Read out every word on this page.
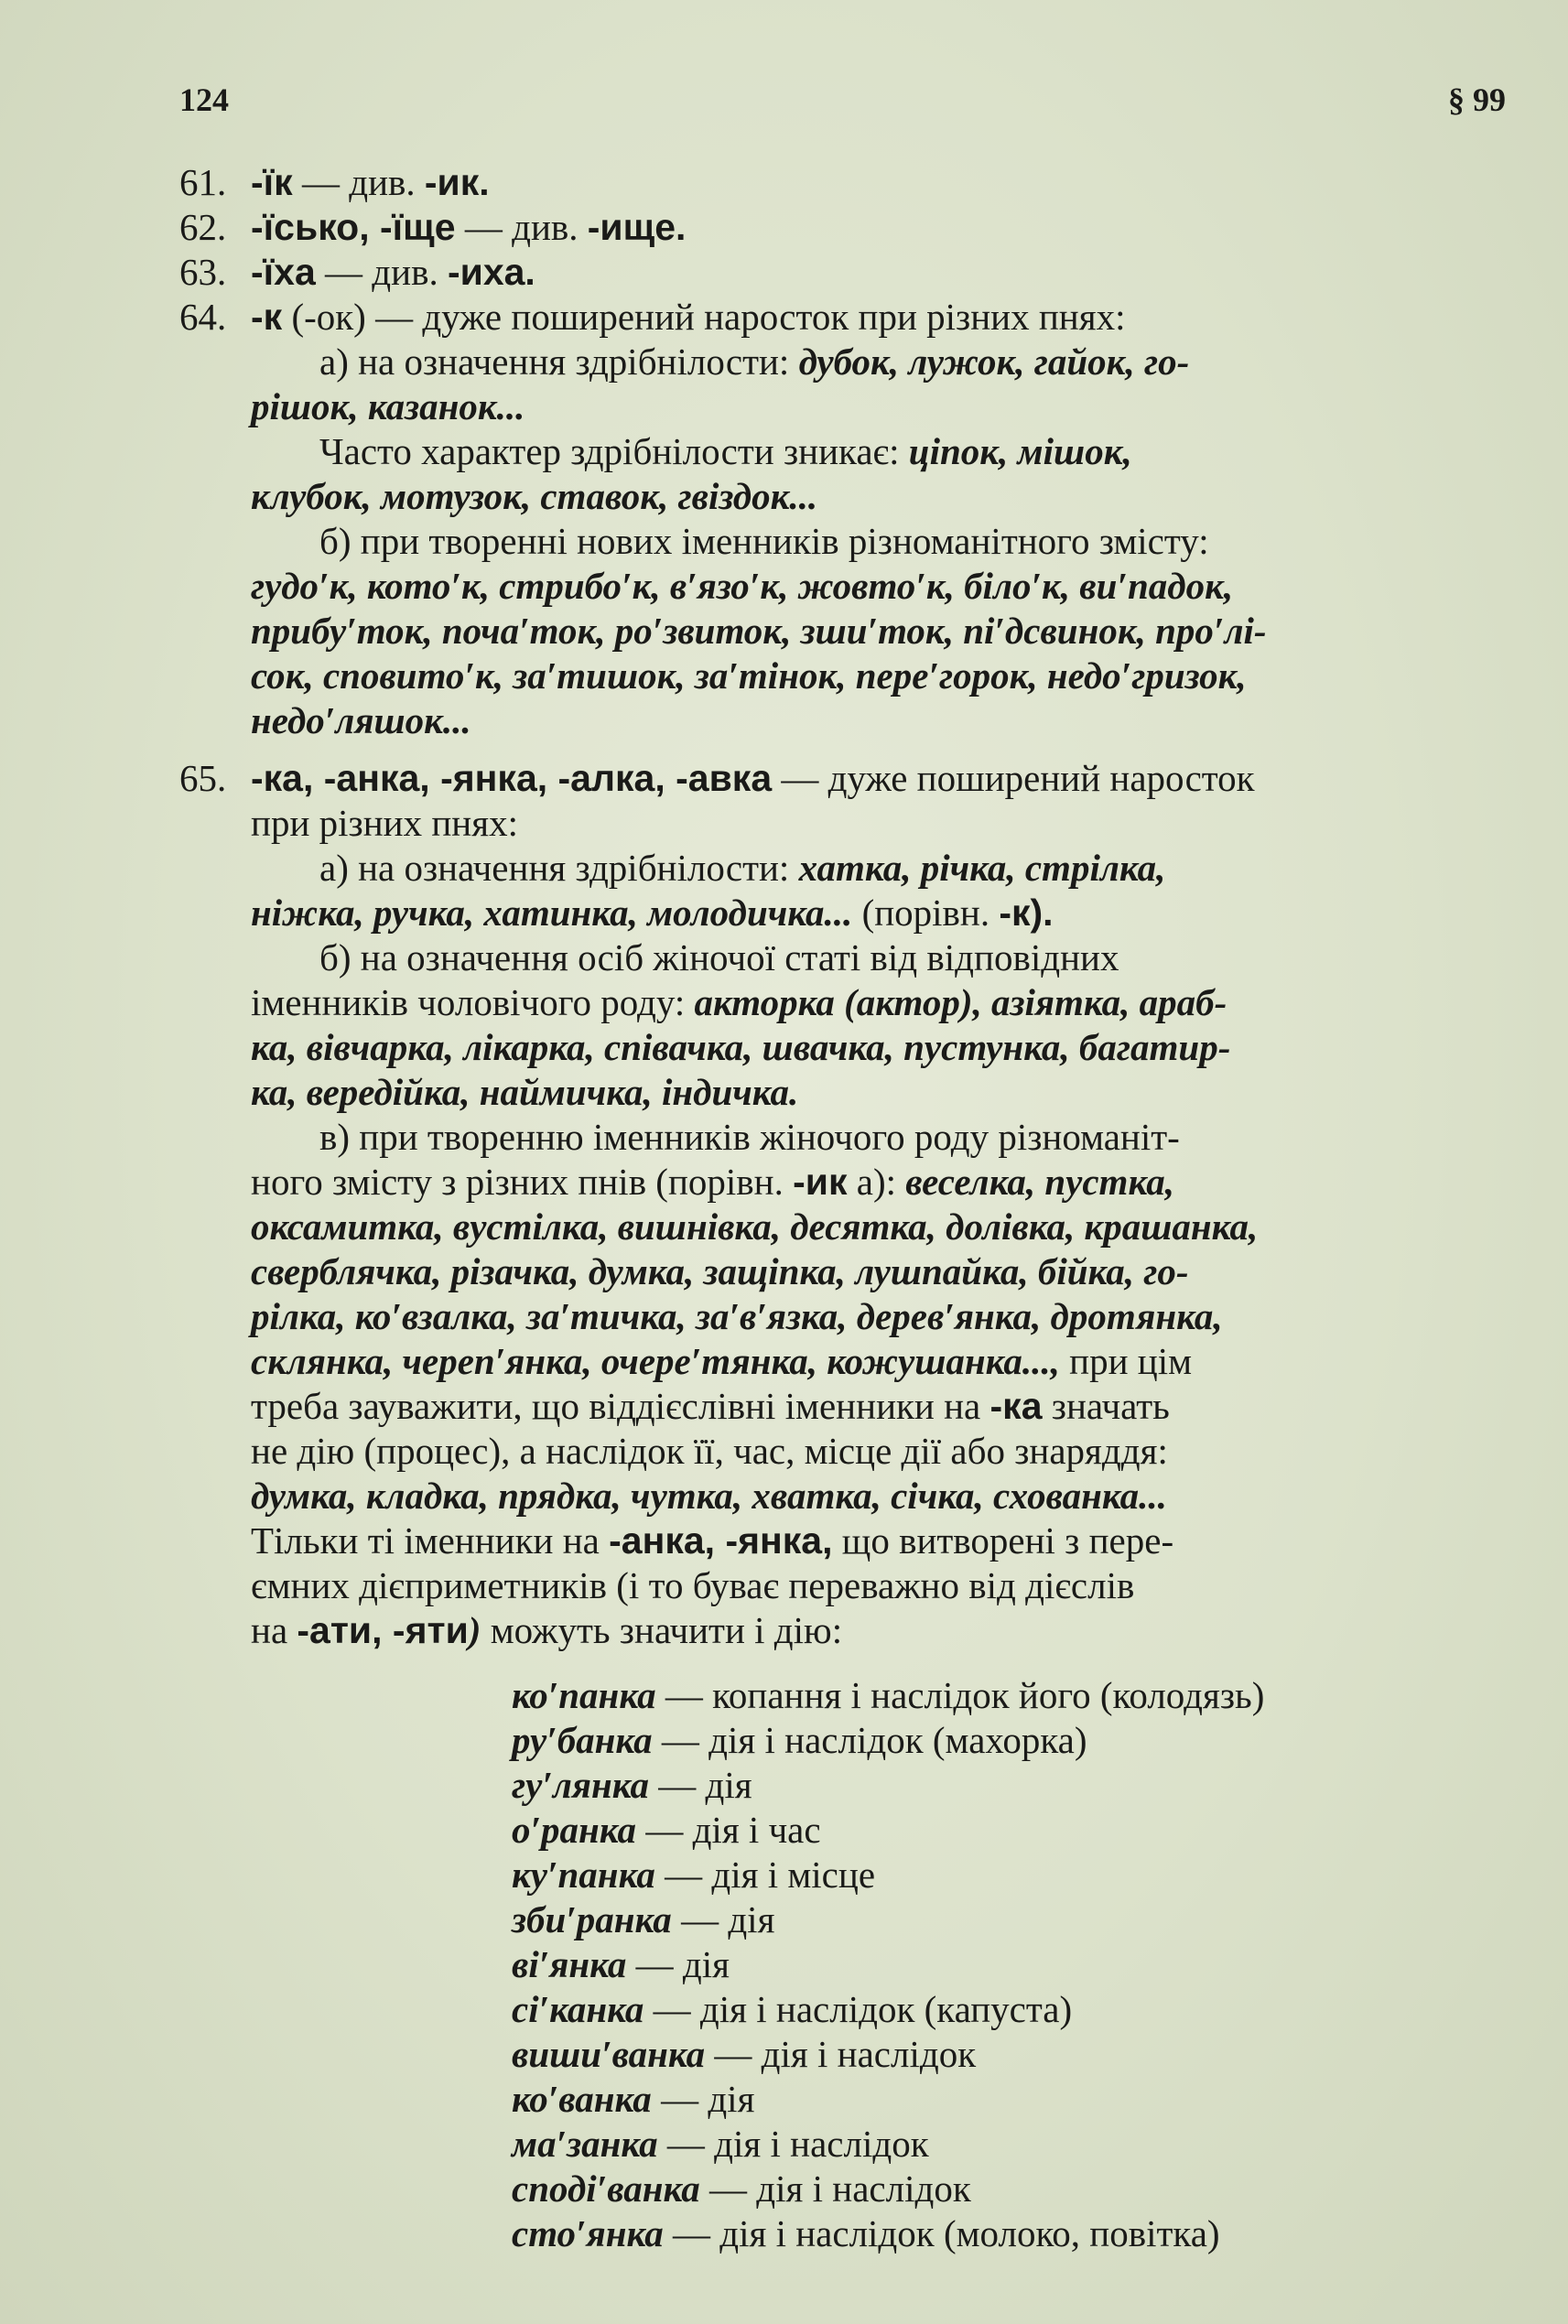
124	§ 99
61. -їк — див. -ик.
62. -їсько, -їще — див. -ище.
63. -їха — див. -иха.
64. -к (-ок) — дуже поширений наросток при різних пнях:
а) на означення здрібнілости: дубок, лужок, гайок, го-
рішок, казанок...
Часто характер здрібнілости зникає: ціпок, мішок,
клубок, мотузок, ставок, гвіздок...
б) при творенні нових іменників різноманітного змісту:
гудо′к, кото′к, стрибо′к, в′язо′к, жовто′к, біло′к, ви′падок,
прибу′ток, поча′ток, ро′звиток, зши′ток, пі′дсвинок, про′лі-
сок, сповито′к, за′тишок, за′тінок, пере′горок, недо′гризок,
недо′ляшок...
65. -ка, -анка, -янка, -алка, -авка — дуже поширений наросток
при різних пнях:
а) на означення здрібнілости: хатка, річка, стрілка,
ніжка, ручка, хатинка, молодичка... (порівн. -к).
б) на означення осіб жіночої статі від відповідних
іменників чоловічого роду: акторка (актор), азіятка, араб-
ка, вівчарка, лікарка, співачка, швачка, пустунка, багатир-
ка, вередійка, наймичка, індичка.
в) при творенню іменників жіночого роду різноманіт-
ного змісту з різних пнів (порівн. -ик а): веселка, пустка,
оксамитка, вустілка, вишнівка, десятка, долівка, крашанка,
сверблячка, різачка, думка, защіпка, лушпайка, бійка, го-
рілка, ко′взалка, за′тичка, за′в′язка, дерев′янка, дротянка,
склянка, череп′янка, очере′тянка, кожушанка..., при цім
треба зауважити, що віддієслівні іменники на -ка значать
не дію (процес), а наслідок її, час, місце дії або знаряддя:
думка, кладка, прядка, чутка, хватка, січка, схованка...
Тільки ті іменники на -анка, -янка, що витворені з пере-
ємних дієприметників (і то буває переважно від дієслів
на -ати, -яти) можуть значити і дію:
ко′панка — копання і наслідок його (колодязь)
ру′банка — дія і наслідок (махорка)
гу′лянка — дія
о′ранка — дія і час
ку′панка — дія і місце
зби′ранка — дія
ві′янка — дія
сі′канка — дія і наслідок (капуста)
виши′ванка — дія і наслідок
ко′ванка — дія
ма′занка — дія і наслідок
споді′ванка — дія і наслідок
сто′янка — дія і наслідок (молоко, повітка)
